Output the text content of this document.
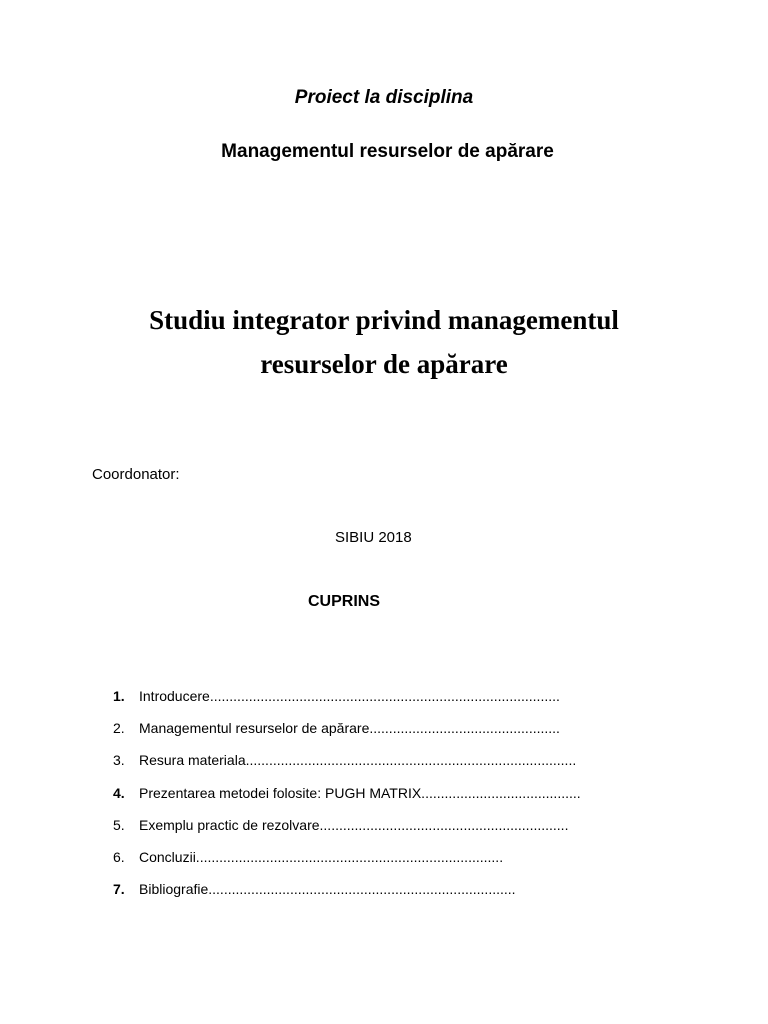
Proiect la disciplina
Managementul resurselor de apărare
Studiu integrator privind managementul
resurselor de apărare
Coordonator:
SIBIU 2018
CUPRINS
1. Introducere..........................................................................................
2. Managementul resurselor de apărare.................................................
3. Resura materiala.....................................................................................
4. Prezentarea metodei folosite: PUGH MATRIX.........................................
5. Exemplu practic de rezolvare................................................................
6. Concluzii...............................................................................
7. Bibliografie...............................................................................
